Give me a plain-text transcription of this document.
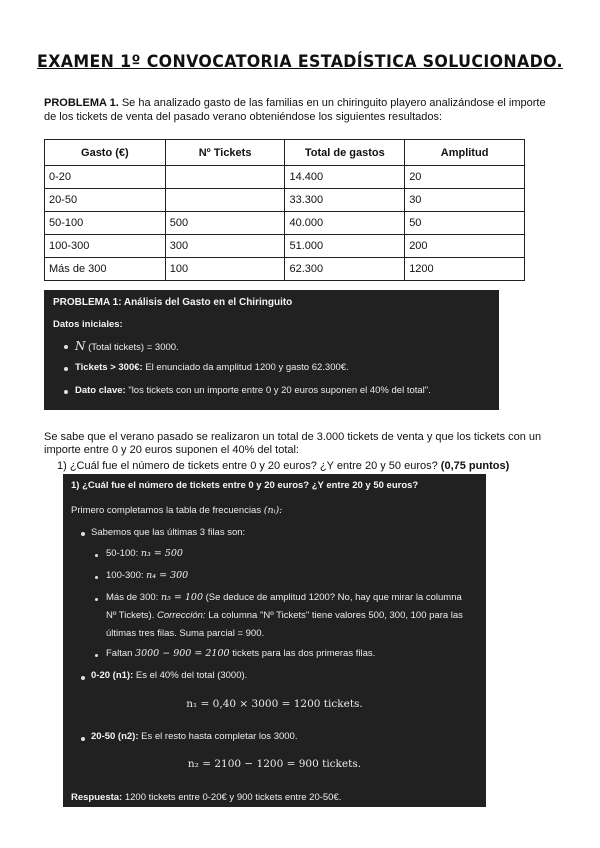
EXAMEN 1º CONVOCATORIA ESTADÍSTICA SOLUCIONADO.
PROBLEMA 1. Se ha analizado gasto de las familias en un chiringuito playero analizándose el importe de los tickets de venta del pasado verano obteniéndose los siguientes resultados:
Gasto (€)	Nº Tickets	Total de gastos	Amplitud
0-20		14.400	20
20-50		33.300	30
50-100	500	40.000	50
100-300	300	51.000	200
Más de 300	100	62.300	1200
PROBLEMA 1: Análisis del Gasto en el Chiringuito
Datos iniciales:
N (Total tickets) = 3000.
Tickets > 300€: El enunciado da amplitud 1200 y gasto 62.300€.
Dato clave: "los tickets con un importe entre 0 y 20 euros suponen el 40% del total".
Se sabe que el verano pasado se realizaron un total de 3.000 tickets de venta y que los tickets con un importe entre 0 y 20 euros suponen el 40% del total:
1) ¿Cuál fue el número de tickets entre 0 y 20 euros? ¿Y entre 20 y 50 euros? (0,75 puntos)
1) ¿Cuál fue el número de tickets entre 0 y 20 euros? ¿Y entre 20 y 50 euros?
Primero completamos la tabla de frecuencias (nᵢ):
Sabemos que las últimas 3 filas son:
50-100: n₃ = 500
100-300: n₄ = 300
Más de 300: n₅ = 100 (Se deduce de amplitud 1200? No, hay que mirar la columna
Nº Tickets). Corrección: La columna "Nº Tickets" tiene valores 500, 300, 100 para las
últimas tres filas. Suma parcial = 900.
Faltan 3000 − 900 = 2100 tickets para las dos primeras filas.
0-20 (n1): Es el 40% del total (3000).
n₁ = 0,40 × 3000 = 1200 tickets.
20-50 (n2): Es el resto hasta completar los 3000.
n₂ = 2100 − 1200 = 900 tickets.
Respuesta: 1200 tickets entre 0-20€ y 900 tickets entre 20-50€.
